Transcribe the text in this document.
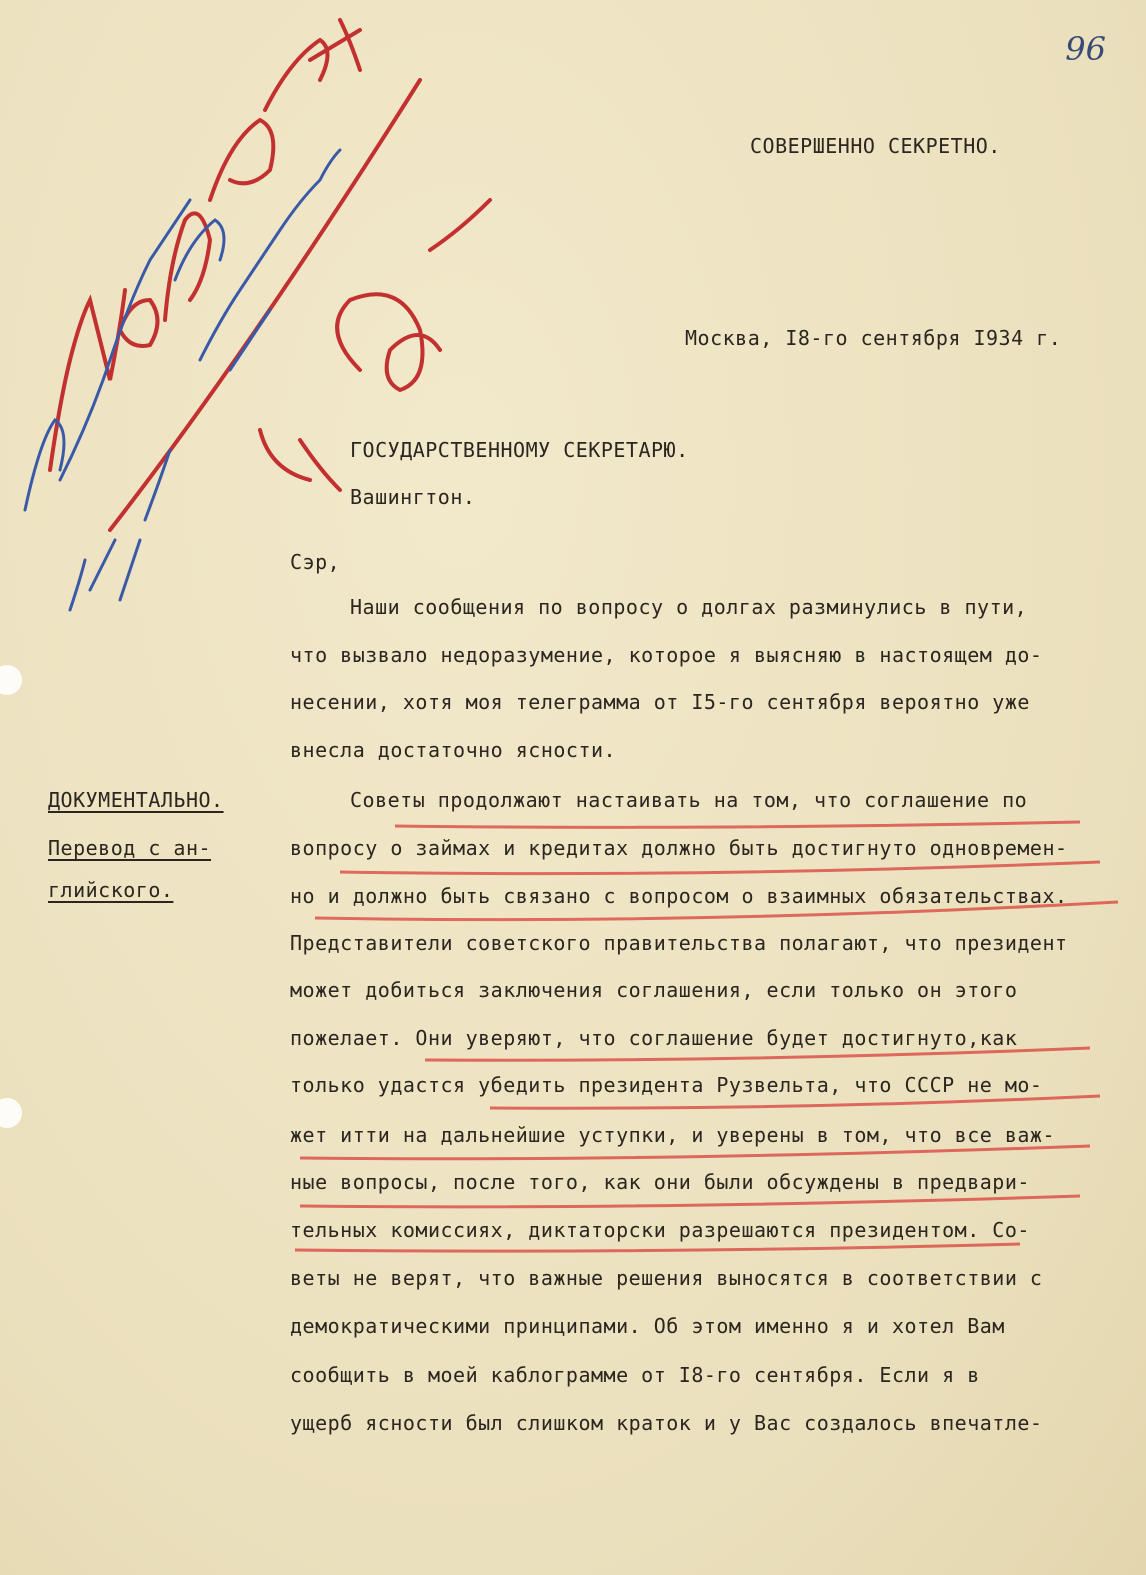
96
СОВЕРШЕННО СЕКРЕТНО.
Москва, I8-го сентября I934 г.
ГОСУДАРСТВЕННОМУ СЕКРЕТАРЮ.
Вашингтон.
Сэр,
ДОКУМЕНТАЛЬНО.
Перевод с ан-
глийского.
Наши сообщения по вопросу о долгах разминулись в пути,
что вызвало недоразумение, которое я выясняю в настоящем до-
несении, хотя моя телеграмма от I5-го сентября вероятно уже
внесла достаточно ясности.
Советы продолжают настаивать на том, что соглашение по
вопросу о займах и кредитах должно быть достигнуто одновремен-
но и должно быть связано с вопросом о взаимных обязательствах.
Представители советского правительства полагают, что президент
может добиться заключения соглашения, если только он этого
пожелает. Они уверяют, что соглашение будет достигнуто,как
только удастся убедить президента Рузвельта, что СССР не мо-
жет итти на дальнейшие уступки, и уверены в том, что все важ-
ные вопросы, после того, как они были обсуждены в предвари-
тельных комиссиях, диктаторски разрешаются президентом. Со-
веты не верят, что важные решения выносятся в соответствии с
демократическими принципами. Об этом именно я и хотел Вам
сообщить в моей каблограмме от I8-го сентября. Если я в
ущерб ясности был слишком краток и у Вас создалось впечатле-
